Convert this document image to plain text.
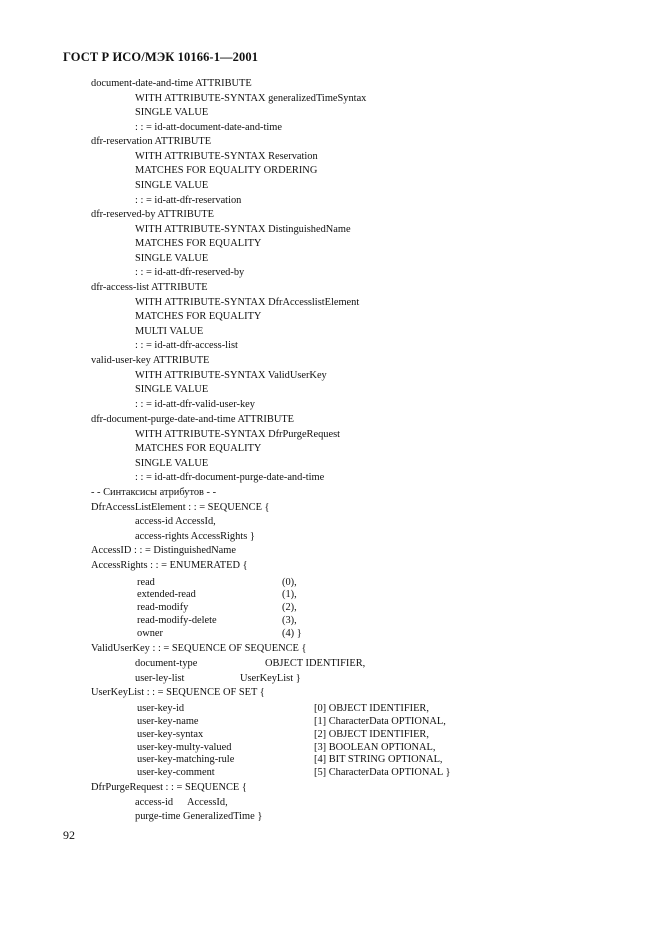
ГОСТ Р ИСО/МЭК 10166-1—2001
document-date-and-time ATTRIBUTE
WITH ATTRIBUTE-SYNTAX generalizedTimeSyntax
SINGLE VALUE
: : = id-att-document-date-and-time
dfr-reservation ATTRIBUTE
WITH ATTRIBUTE-SYNTAX Reservation
MATCHES FOR EQUALITY ORDERING
SINGLE VALUE
: : = id-att-dfr-reservation
dfr-reserved-by ATTRIBUTE
WITH ATTRIBUTE-SYNTAX DistinguishedName
MATCHES FOR EQUALITY
SINGLE VALUE
: : = id-att-dfr-reserved-by
dfr-access-list ATTRIBUTE
WITH ATTRIBUTE-SYNTAX DfrAccesslistElement
MATCHES FOR EQUALITY
MULTI VALUE
: : = id-att-dfr-access-list
valid-user-key ATTRIBUTE
WITH ATTRIBUTE-SYNTAX ValidUserKey
SINGLE VALUE
: : = id-att-dfr-valid-user-key
dfr-document-purge-date-and-time ATTRIBUTE
WITH ATTRIBUTE-SYNTAX DfrPurgeRequest
MATCHES FOR EQUALITY
SINGLE VALUE
: : = id-att-dfr-document-purge-date-and-time
- - Синтаксисы атрибутов - -
DfrAccessListElement : : = SEQUENCE {
access-id AccessId,
access-rights AccessRights }
AccessID : : = DistinguishedName
AccessRights : : = ENUMERATED {
read	(0),
extended-read	(1),
read-modify	(2),
read-modify-delete	(3),
owner	(4) }
ValidUserKey : : = SEQUENCE OF SEQUENCE {
document-type	OBJECT IDENTIFIER,
user-ley-list	UserKeyList }
UserKeyList : : = SEQUENCE OF SET {
user-key-id	[0] OBJECT IDENTIFIER,
user-key-name	[1] CharacterData OPTIONAL,
user-key-syntax	[2] OBJECT IDENTIFIER,
user-key-multy-valued	[3] BOOLEAN OPTIONAL,
user-key-matching-rule	[4] BIT STRING OPTIONAL,
user-key-comment	[5] CharacterData OPTIONAL }
DfrPurgeRequest : : = SEQUENCE {
access-id AccessId,
purge-time GeneralizedTime }
92
